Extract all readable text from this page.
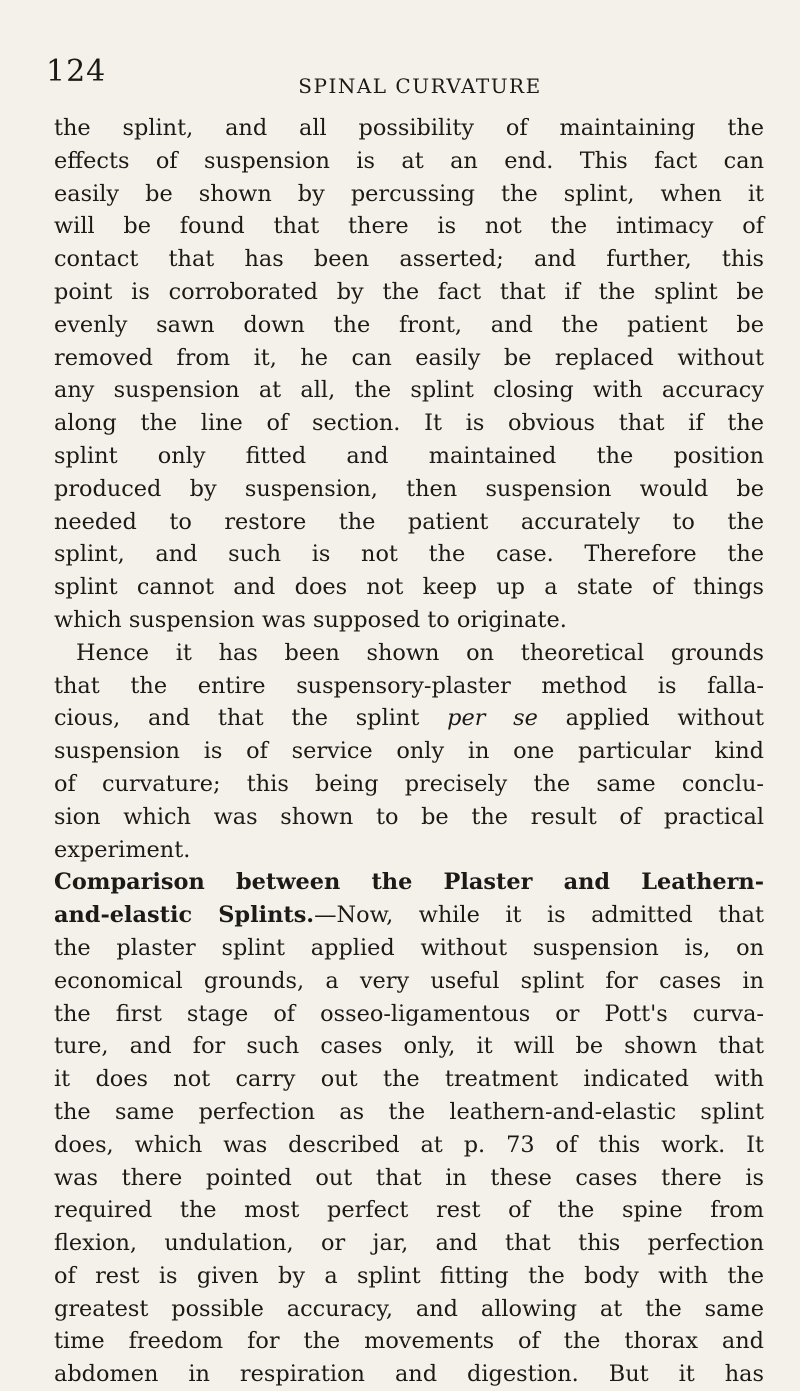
124	SPINAL CURVATURE
the splint, and all possibility of maintaining the
effects of suspension is at an end. This fact can
easily be shown by percussing the splint, when it
will be found that there is not the intimacy of
contact that has been asserted; and further, this
point is corroborated by the fact that if the splint be
evenly sawn down the front, and the patient be
removed from it, he can easily be replaced without
any suspension at all, the splint closing with accuracy
along the line of section. It is obvious that if the
splint only fitted and maintained the position
produced by suspension, then suspension would be
needed to restore the patient accurately to the
splint, and such is not the case. Therefore the
splint cannot and does not keep up a state of things
which suspension was supposed to originate.
Hence it has been shown on theoretical grounds
that the entire suspensory-plaster method is falla-
cious, and that the splint per se applied without
suspension is of service only in one particular kind
of curvature; this being precisely the same conclu-
sion which was shown to be the result of practical
experiment.
Comparison between the Plaster and Leathern-
and-elastic Splints.—Now, while it is admitted that
the plaster splint applied without suspension is, on
economical grounds, a very useful splint for cases in
the first stage of osseo-ligamentous or Pott's curva-
ture, and for such cases only, it will be shown that
it does not carry out the treatment indicated with
the same perfection as the leathern-and-elastic splint
does, which was described at p. 73 of this work. It
was there pointed out that in these cases there is
required the most perfect rest of the spine from
flexion, undulation, or jar, and that this perfection
of rest is given by a splint fitting the body with the
greatest possible accuracy, and allowing at the same
time freedom for the movements of the thorax and
abdomen in respiration and digestion. But it has
